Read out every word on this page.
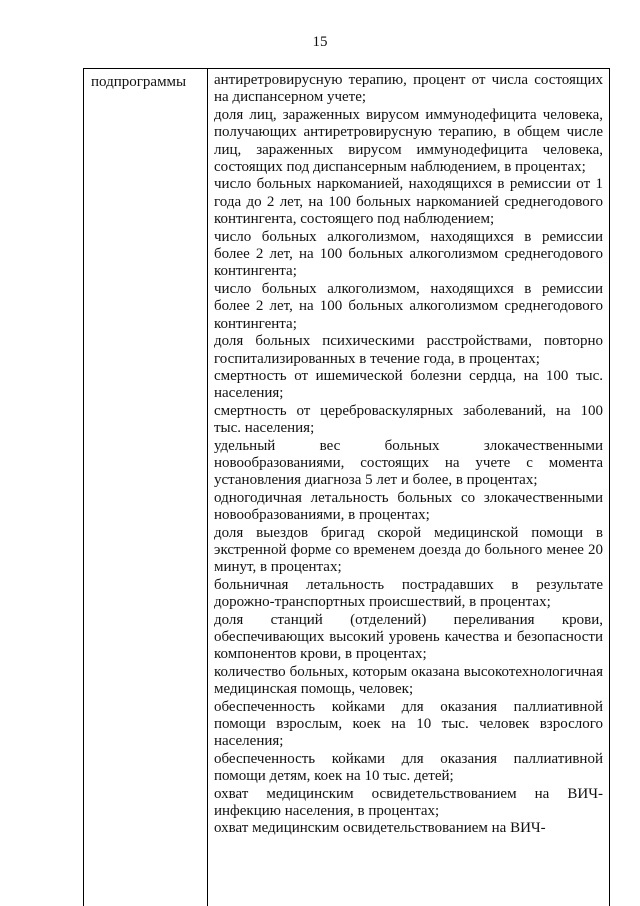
15
подпрограммы антиретровирусную терапию, процент от числа состоящих на диспансерном учете;

доля лиц, зараженных вирусом иммунодефицита человека, получающих антиретровирусную терапию, в общем числе лиц, зараженных вирусом иммунодефицита человека, состоящих под диспансерным наблюдением, в процентах;

число больных наркоманией, находящихся в ремиссии от 1 года до 2 лет, на 100 больных наркоманией среднегодового контингента, состоящего под наблюдением;

число больных алкоголизмом, находящихся в ремиссии более 2 лет, на 100 больных алкоголизмом среднегодового контингента;

число больных алкоголизмом, находящихся в ремиссии более 2 лет, на 100 больных алкоголизмом среднегодового контингента;

доля больных психическими расстройствами, повторно госпитализированных в течение года, в процентах;

смертность от ишемической болезни сердца, на 100 тыс. населения;

смертность от цереброваскулярных заболеваний, на 100 тыс. населения;

удельный вес больных злокачественными новообразованиями, состоящих на учете с момента установления диагноза 5 лет и более, в процентах;

одногодичная летальность больных со злокачественными новообразованиями, в процентах;

доля выездов бригад скорой медицинской помощи в экстренной форме со временем доезда до больного менее 20 минут, в процентах;

больничная летальность пострадавших в результате дорожно-транспортных происшествий, в процентах;

доля станций (отделений) переливания крови, обеспечивающих высокий уровень качества и безопасности компонентов крови, в процентах;

количество больных, которым оказана высокотехнологичная медицинская помощь, человек;

обеспеченность койками для оказания паллиативной помощи взрослым, коек на 10 тыс. человек взрослого населения;

обеспеченность койками для оказания паллиативной помощи детям, коек на 10 тыс. детей;

охват медицинским освидетельствованием на ВИЧ-инфекцию населения, в процентах;

охват медицинским освидетельствованием на ВИЧ-
